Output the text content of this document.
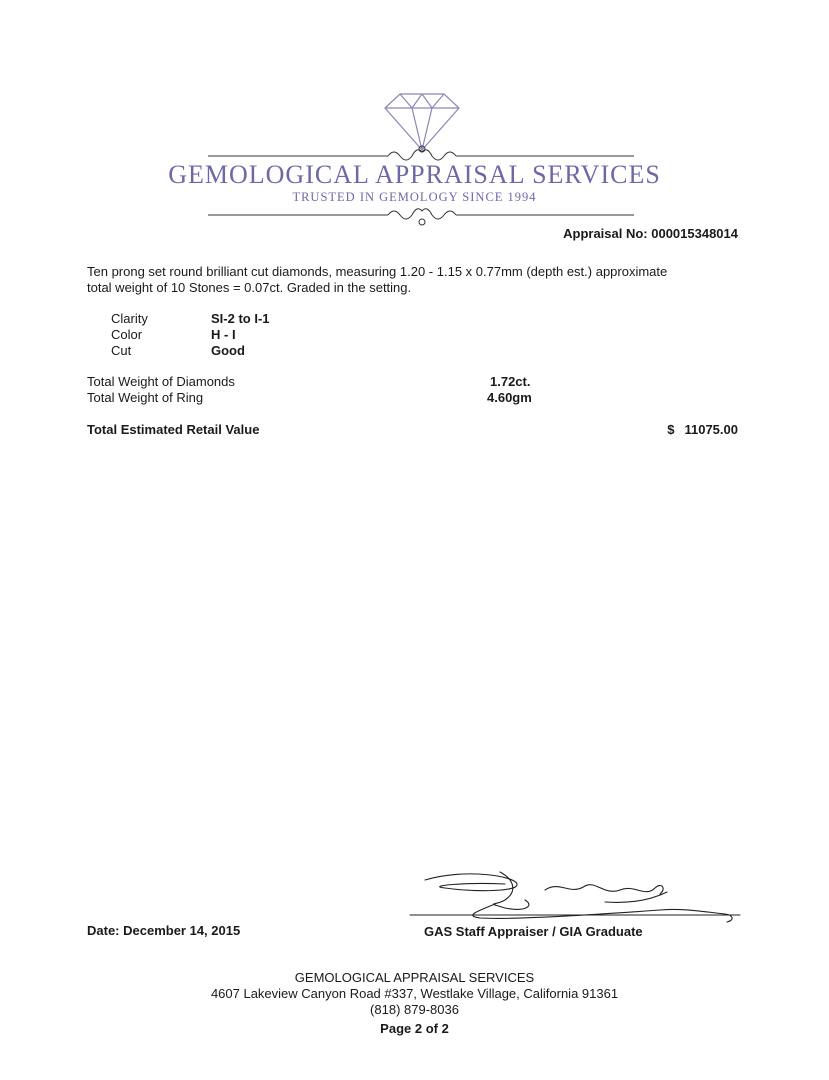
GEMOLOGICAL APPRAISAL SERVICES
TRUSTED IN GEMOLOGY SINCE 1994
Appraisal No: 000015348014
Ten prong set round brilliant cut diamonds, measuring 1.20 - 1.15 x 0.77mm (depth est.) approximate
total weight of 10 Stones = 0.07ct. Graded in the setting.
Clarity	SI-2 to I-1
Color	H - I
Cut	Good
Total Weight of Diamonds	1.72ct.
Total Weight of Ring	4.60gm
Total Estimated Retail Value	$ 11075.00
Date: December 14, 2015	GAS Staff Appraiser / GIA Graduate
GEMOLOGICAL APPRAISAL SERVICES
4607 Lakeview Canyon Road #337, Westlake Village, California 91361
(818) 879-8036
Page 2 of 2
